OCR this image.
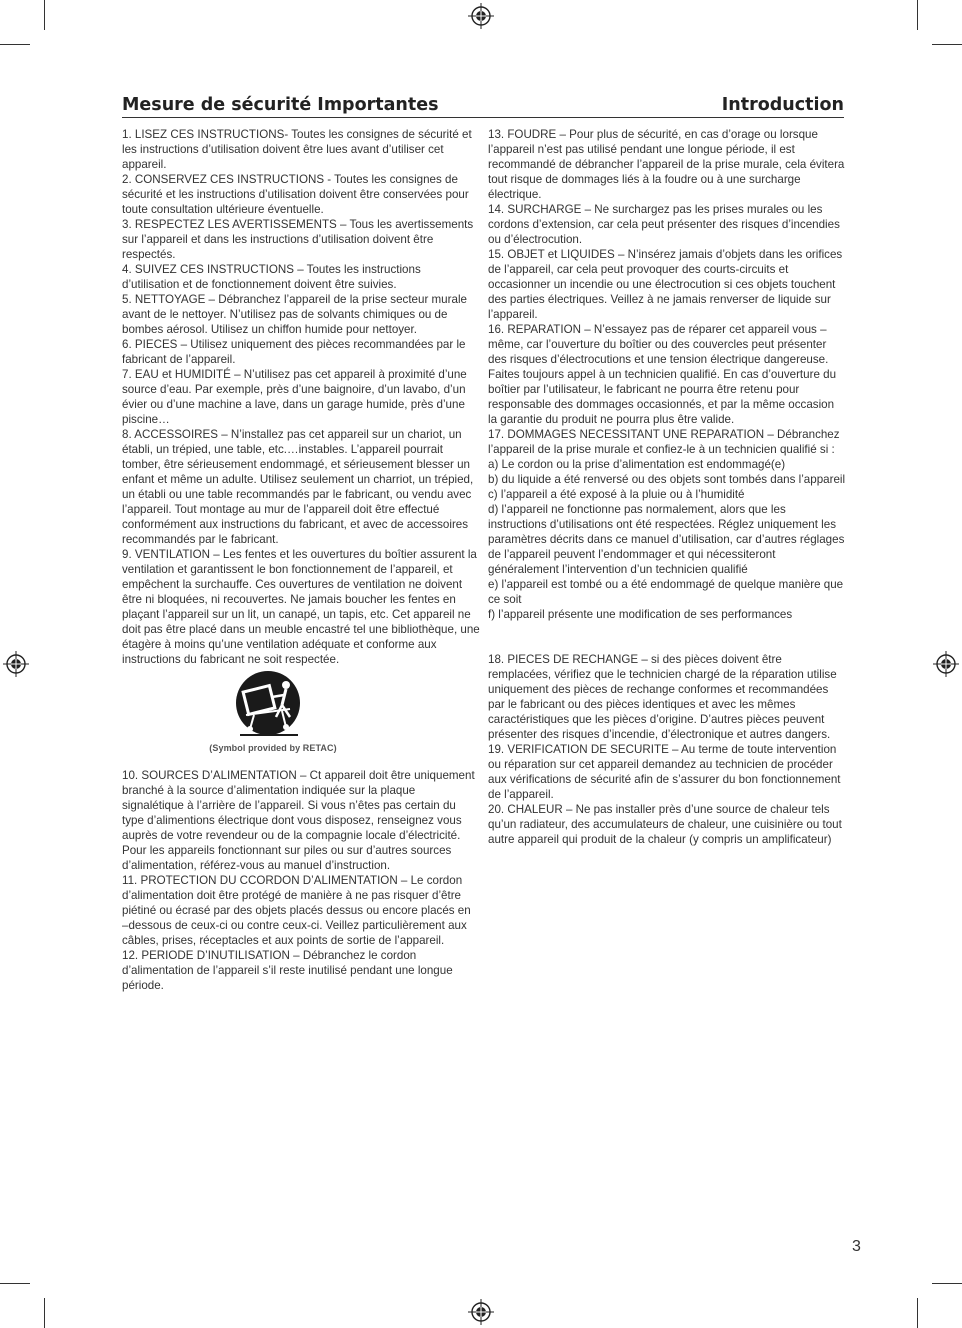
Mesure de sécurité Importantes	Introduction

1. LISEZ CES INSTRUCTIONS- Toutes les consignes de sécurité et les instructions d’utilisation doivent être lues avant d’utiliser cet appareil.

2. CONSERVEZ CES INSTRUCTIONS - Toutes les consignes de sécurité et les instructions d’utilisation doivent être conservées pour toute consultation ultérieure éventuelle.

3. RESPECTEZ LES AVERTISSEMENTS – Tous les avertissements sur l’appareil et dans les instructions d’utilisation doivent être respectés.

4. SUIVEZ CES INSTRUCTIONS – Toutes les instructions d’utilisation et de fonctionnement doivent être suivies.

5. NETTOYAGE – Débranchez l’appareil de la prise secteur murale avant de le nettoyer. N’utilisez pas de solvants chimiques ou de bombes aérosol. Utilisez un chiffon humide pour nettoyer.

6. PIECES – Utilisez uniquement des pièces recommandées par le fabricant de l’appareil.

7. EAU et HUMIDITÉ – N’utilisez pas cet appareil à proximité d’une source d’eau. Par exemple, près d’une baignoire, d’un lavabo, d’un évier ou d’une machine a lave, dans un garage humide, près d’une piscine…

8. ACCESSOIRES – N’installez pas cet appareil sur un chariot, un établi, un trépied, une table, etc.…instables. L’appareil pourrait tomber, être sérieusement endommagé, et sérieusement blesser un enfant et même un adulte. Utilisez seulement un charriot, un trépied, un établi ou une table recommandés par le fabricant, ou vendu avec l’appareil. Tout montage au mur de l’appareil doit être effectué conformément aux instructions du fabricant, et avec de accessoires recommandés par le fabricant.

9. VENTILATION – Les fentes et les ouvertures du boîtier assurent la ventilation et garantissent le bon fonctionnement de l’appareil, et empêchent la surchauffe. Ces ouvertures de ventilation ne doivent être ni bloquées, ni recouvertes. Ne jamais boucher les fentes en plaçant l’appareil sur un lit, un canapé, un tapis, etc. Cet appareil ne doit pas être placé dans un meuble encastré tel une bibliothèque, une étagère à moins qu’une ventilation adéquate et conforme aux instructions du fabricant ne soit respectée.

(Symbol provided by RETAC)

10. SOURCES D’ALIMENTATION – Ct appareil doit être uniquement branché à la source d’alimentation indiquée sur la plaque signalétique à l’arrière de l’appareil. Si vous n’êtes pas certain du type d’alimentions électrique dont vous disposez, renseignez vous auprès de votre revendeur ou de la compagnie locale d’électricité. Pour les appareils fonctionnant sur piles ou sur d’autres sources d’alimentation, référez-vous au manuel d’instruction.

11. PROTECTION DU CCORDON D’ALIMENTATION – Le cordon d’alimentation doit être protégé de manière à ne pas risquer d’être piétiné ou écrasé par des objets placés dessus ou encore placés en –dessous de ceux-ci ou contre ceux-ci. Veillez particulièrement aux câbles, prises, réceptacles et aux points de sortie de l’appareil.

12. PERIODE D’INUTILISATION – Débranchez le cordon d’alimentation de l’appareil s’il reste inutilisé pendant une longue période.

13. FOUDRE – Pour plus de sécurité, en cas d’orage ou lorsque l’appareil n’est pas utilisé pendant une longue période, il est recommandé de débrancher l’appareil de la prise murale, cela évitera tout risque de dommages liés à la foudre ou à une surcharge électrique.

14. SURCHARGE – Ne surchargez pas les prises murales ou les cordons d’extension, car cela peut présenter des risques d’incendies ou d’électrocution.

15. OBJET et LIQUIDES – N’insérez jamais d’objets dans les orifices de l’appareil, car cela peut provoquer des courts-circuits et occasionner un incendie ou une électrocution si ces objets touchent des parties électriques. Veillez à ne jamais renverser de liquide sur l’appareil.

16. REPARATION – N’essayez pas de réparer cet appareil vous –même, car l’ouverture du boîtier ou des couvercles peut présenter des risques d’électrocutions et une tension électrique dangereuse. Faites toujours appel à un technicien qualifié. En cas d’ouverture du boîtier par l’utilisateur, le fabricant ne pourra être retenu pour responsable des dommages occasionnés, et par la même occasion la garantie du produit ne pourra plus être valide.

17. DOMMAGES NECESSITANT UNE REPARATION – Débranchez l’appareil de la prise murale et confiez-le à un technicien qualifié si :

a) Le cordon ou la prise d’alimentation est endommagé(e)

b) du liquide a été renversé ou des objets sont tombés dans l’appareil

c) l’appareil a été exposé à la pluie ou à l’humidité

d) l’appareil ne fonctionne pas normalement, alors que les instructions d’utilisations ont été respectées. Réglez uniquement les paramètres décrits dans ce manuel d’utilisation, car d’autres réglages de l’appareil peuvent l’endommager et qui nécessiteront généralement l’intervention d’un technicien qualifié

e) l’appareil est tombé ou a été endommagé de quelque manière que ce soit

f) l’appareil présente une modification de ses performances

18. PIECES DE RECHANGE – si des pièces doivent être remplacées, vérifiez que le technicien chargé de la réparation utilise uniquement des pièces de rechange conformes et recommandées par le fabricant ou des pièces identiques et avec les mêmes caractéristiques que les pièces d’origine. D’autres pièces peuvent présenter des risques d’incendie, d’électronique et autres dangers.

19. VERIFICATION DE SECURITE – Au terme de toute intervention ou réparation sur cet appareil demandez au technicien de procéder aux vérifications de sécurité afin de s’assurer du bon fonctionnement de l’appareil.

20. CHALEUR – Ne pas installer près d’une source de chaleur tels qu’un radiateur, des accumulateurs de chaleur, une cuisinière ou tout autre appareil qui produit de la chaleur (y compris un amplificateur)

3
